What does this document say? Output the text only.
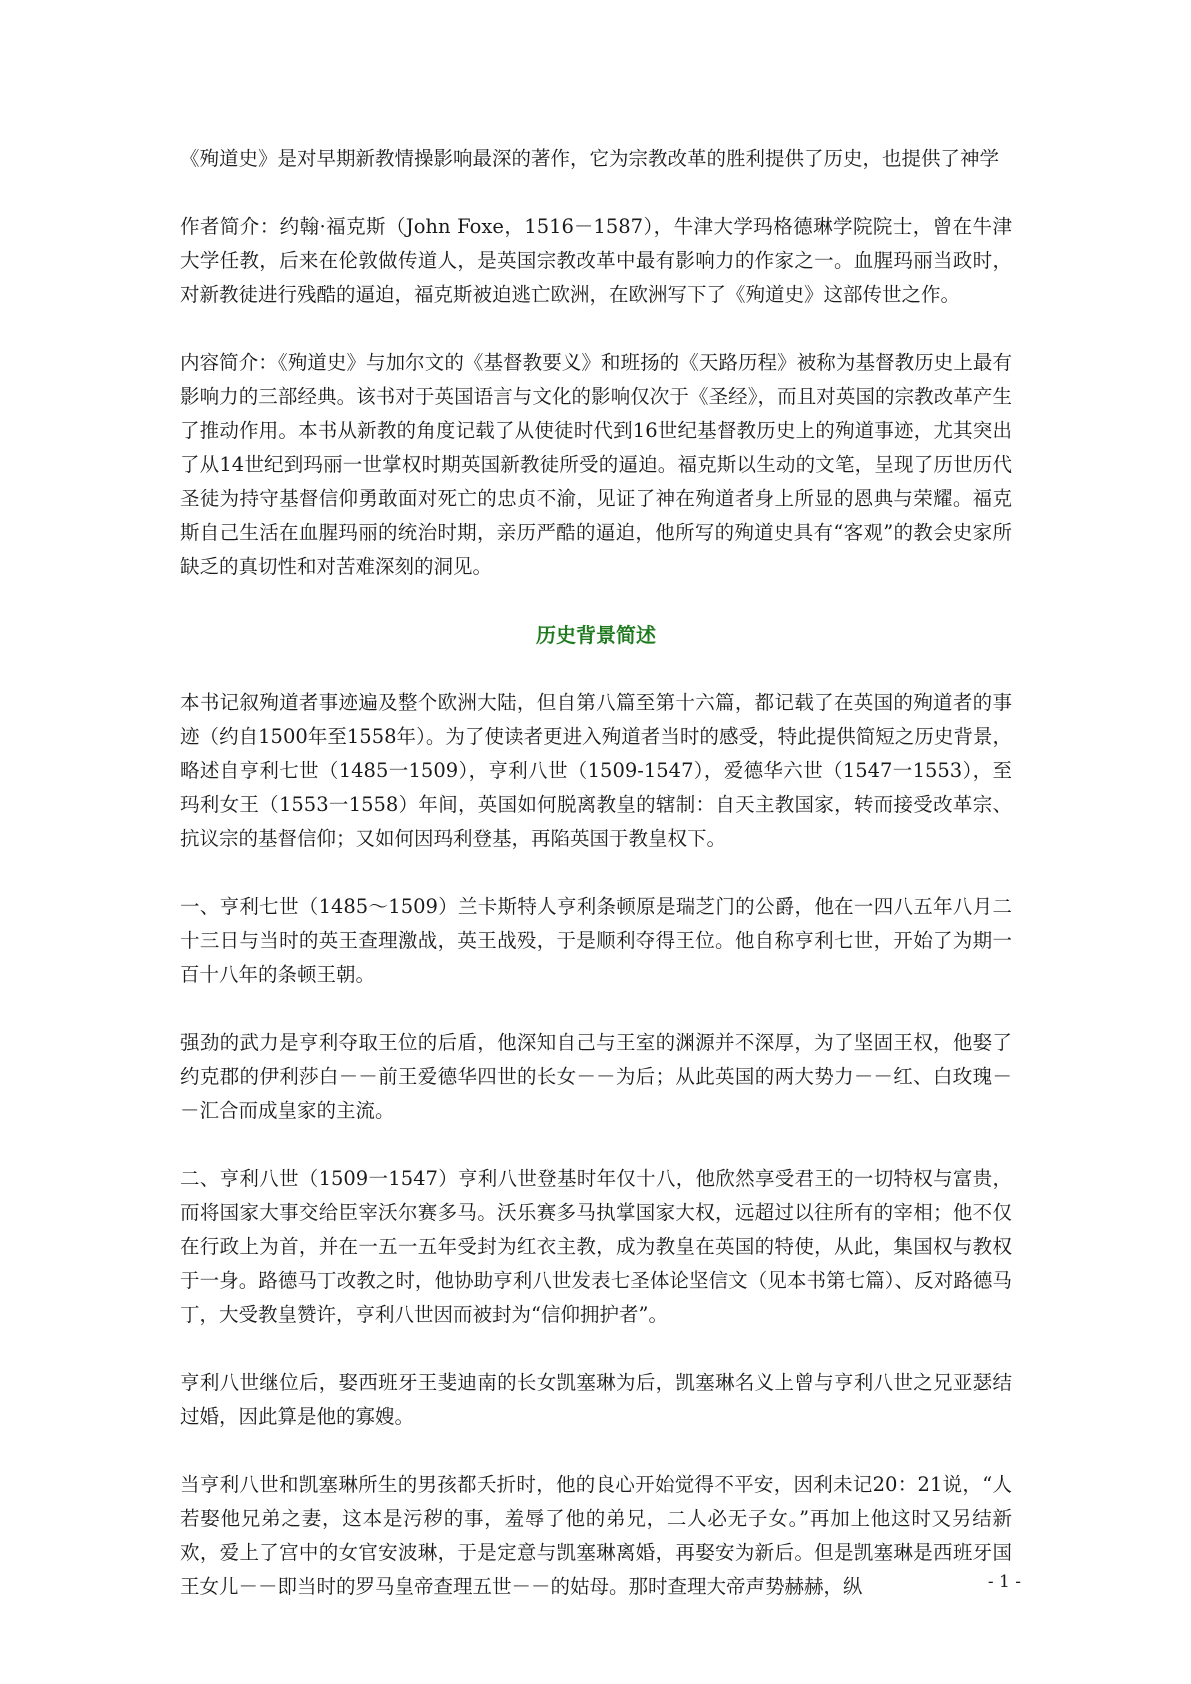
《殉道史》是对早期新教情操影响最深的著作，它为宗教改革的胜利提供了历史，也提供了神学

作者简介：约翰·福克斯（John Foxe，1516－1587），牛津大学玛格德琳学院院士，曾在牛津大学任教，后来在伦敦做传道人，是英国宗教改革中最有影响力的作家之一。血腥玛丽当政时，对新教徒进行残酷的逼迫，福克斯被迫逃亡欧洲，在欧洲写下了《殉道史》这部传世之作。

内容简介：《殉道史》与加尔文的《基督教要义》和班扬的《天路历程》被称为基督教历史上最有影响力的三部经典。该书对于英国语言与文化的影响仅次于《圣经》，而且对英国的宗教改革产生了推动作用。本书从新教的角度记载了从使徒时代到16世纪基督教历史上的殉道事迹，尤其突出了从14世纪到玛丽一世掌权时期英国新教徒所受的逼迫。福克斯以生动的文笔，呈现了历世历代圣徒为持守基督信仰勇敢面对死亡的忠贞不渝，见证了神在殉道者身上所显的恩典与荣耀。福克斯自己生活在血腥玛丽的统治时期，亲历严酷的逼迫，他所写的殉道史具有“客观”的教会史家所缺乏的真切性和对苦难深刻的洞见。

历史背景简述

本书记叙殉道者事迹遍及整个欧洲大陆，但自第八篇至第十六篇，都记载了在英国的殉道者的事迹（约自1500年至1558年）。为了使读者更进入殉道者当时的感受，特此提供简短之历史背景，略述自亨利七世（1485一1509），亨利八世（1509-1547），爱德华六世（1547一1553），至玛利女王（1553一1558）年间，英国如何脱离教皇的辖制：自天主教国家，转而接受改革宗、抗议宗的基督信仰；又如何因玛利登基，再陷英国于教皇权下。

一、亨利七世（1485～1509）兰卡斯特人亨利条顿原是瑞芝门的公爵，他在一四八五年八月二十三日与当时的英王查理激战，英王战殁，于是顺利夺得王位。他自称亨利七世，开始了为期一百十八年的条顿王朝。

强劲的武力是亨利夺取王位的后盾，他深知自己与王室的渊源并不深厚，为了坚固王权，他娶了约克郡的伊利莎白－－前王爱德华四世的长女－－为后；从此英国的两大势力－－红、白玫瑰－－汇合而成皇家的主流。

二、亨利八世（1509一1547）亨利八世登基时年仅十八，他欣然享受君王的一切特权与富贵，而将国家大事交给臣宰沃尔赛多马。沃乐赛多马执掌国家大权，远超过以往所有的宰相；他不仅在行政上为首，并在一五一五年受封为红衣主教，成为教皇在英国的特使，从此，集国权与教权于一身。路德马丁改教之时，他协助亨利八世发表七圣体论坚信文（见本书第七篇）、反对路德马丁，大受教皇赞许，亨利八世因而被封为“信仰拥护者”。

亨利八世继位后，娶西班牙王斐迪南的长女凯塞琳为后，凯塞琳名义上曾与亨利八世之兄亚瑟结过婚，因此算是他的寡嫂。

当亨利八世和凯塞琳所生的男孩都夭折时，他的良心开始觉得不平安，因利未记20：21说，“人若娶他兄弟之妻，这本是污秽的事，羞辱了他的弟兄，二人必无子女。”再加上他这时又另结新欢，爱上了宫中的女官安波琳，于是定意与凯塞琳离婚，再娶安为新后。但是凯塞琳是西班牙国王女儿－－即当时的罗马皇帝查理五世－－的姑母。那时查理大帝声势赫赫，纵	- 1 -
